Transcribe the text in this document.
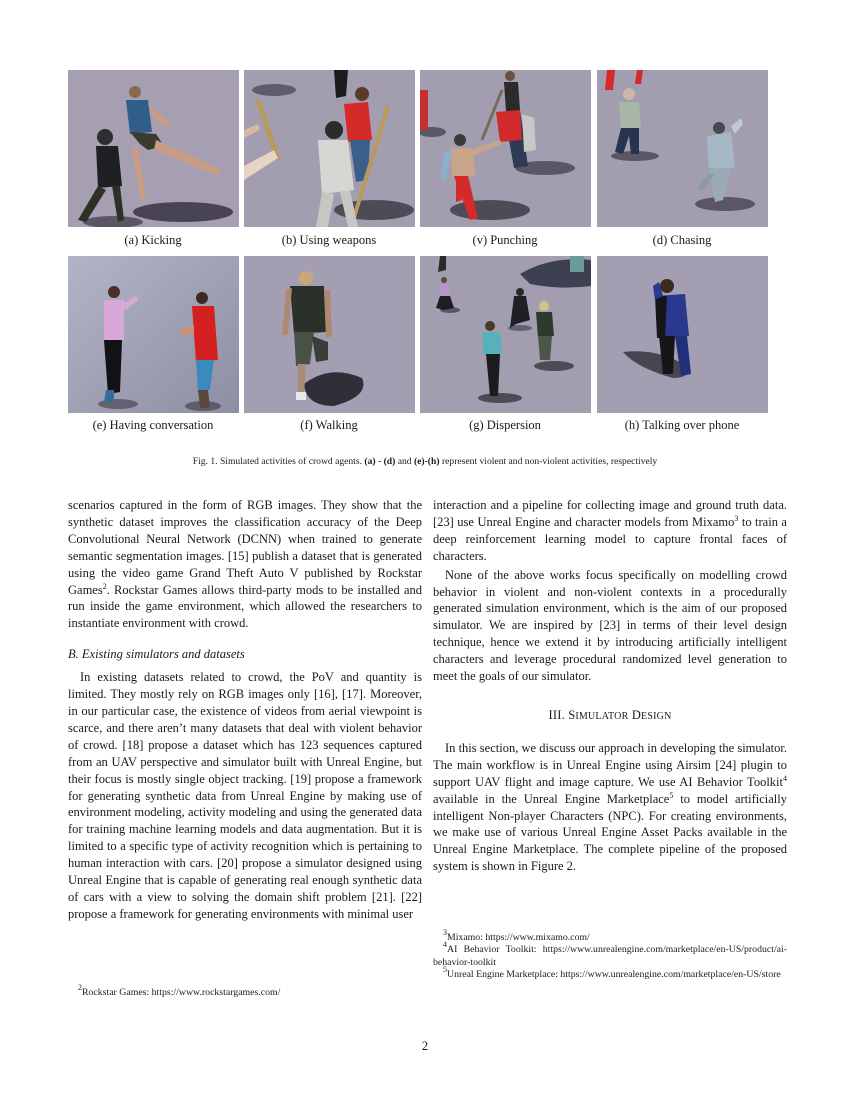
(a) Kicking	(b) Using weapons	(v) Punching	(d) Chasing
(e) Having conversation	(f) Walking	(g) Dispersion	(h) Talking over phone
Fig. 1. Simulated activities of crowd agents. (a) - (d) and (e)-(h) represent violent and non-violent activities, respectively

scenarios captured in the form of RGB images. They show that the synthetic dataset improves the classification accuracy of the Deep Convolutional Neural Network (DCNN) when trained to generate semantic segmentation images. [15] publish a dataset that is generated using the video game Grand Theft Auto V published by Rockstar Games$^2$. Rockstar Games allows third-party mods to be installed and run inside the game environment, which allowed the researchers to instantiate environment with crowd.

B. Existing simulators and datasets

In existing datasets related to crowd, the PoV and quantity is limited. They mostly rely on RGB images only [16], [17]. Moreover, in our particular case, the existence of videos from aerial viewpoint is scarce, and there aren’t many datasets that deal with violent behavior of crowd. [18] propose a dataset which has 123 sequences captured from an UAV perspective and simulator built with Unreal Engine, but their focus is mostly single object tracking. [19] propose a framework for generating synthetic data from Unreal Engine by making use of environment modeling, activity modeling and using the generated data for training machine learning models and data augmentation. But it is limited to a specific type of activity recognition which is pertaining to human interaction with cars. [20] propose a simulator designed using Unreal Engine that is capable of generating real enough synthetic data of cars with a view to solving the domain shift problem [21]. [22] propose a framework for generating environments with minimal user

$^2$Rockstar Games: https://www.rockstargames.com/

interaction and a pipeline for collecting image and ground truth data. [23] use Unreal Engine and character models from Mixamo$^3$ to train a deep reinforcement learning model to capture frontal faces of characters.

None of the above works focus specifically on modelling crowd behavior in violent and non-violent contexts in a procedurally generated simulation environment, which is the aim of our proposed simulator. We are inspired by [23] in terms of their level design technique, hence we extend it by introducing artificially intelligent characters and leverage procedural randomized level generation to meet the goals of our simulator.

III. SIMULATOR DESIGN

In this section, we discuss our approach in developing the simulator. The main workflow is in Unreal Engine using Airsim [24] plugin to support UAV flight and image capture. We use AI Behavior Toolkit$^4$ available in the Unreal Engine Marketplace$^5$ to model artificially intelligent Non-player Characters (NPC). For creating environments, we make use of various Unreal Engine Asset Packs available in the Unreal Engine Marketplace. The complete pipeline of the proposed system is shown in Figure 2.

$^3$Mixamo: https://www.mixamo.com/

$^4$AI Behavior Toolkit: https://www.unrealengine.com/marketplace/en-US/product/ai-behavior-toolkit

$^5$Unreal Engine Marketplace: https://www.unrealengine.com/marketplace/en-US/store

2
